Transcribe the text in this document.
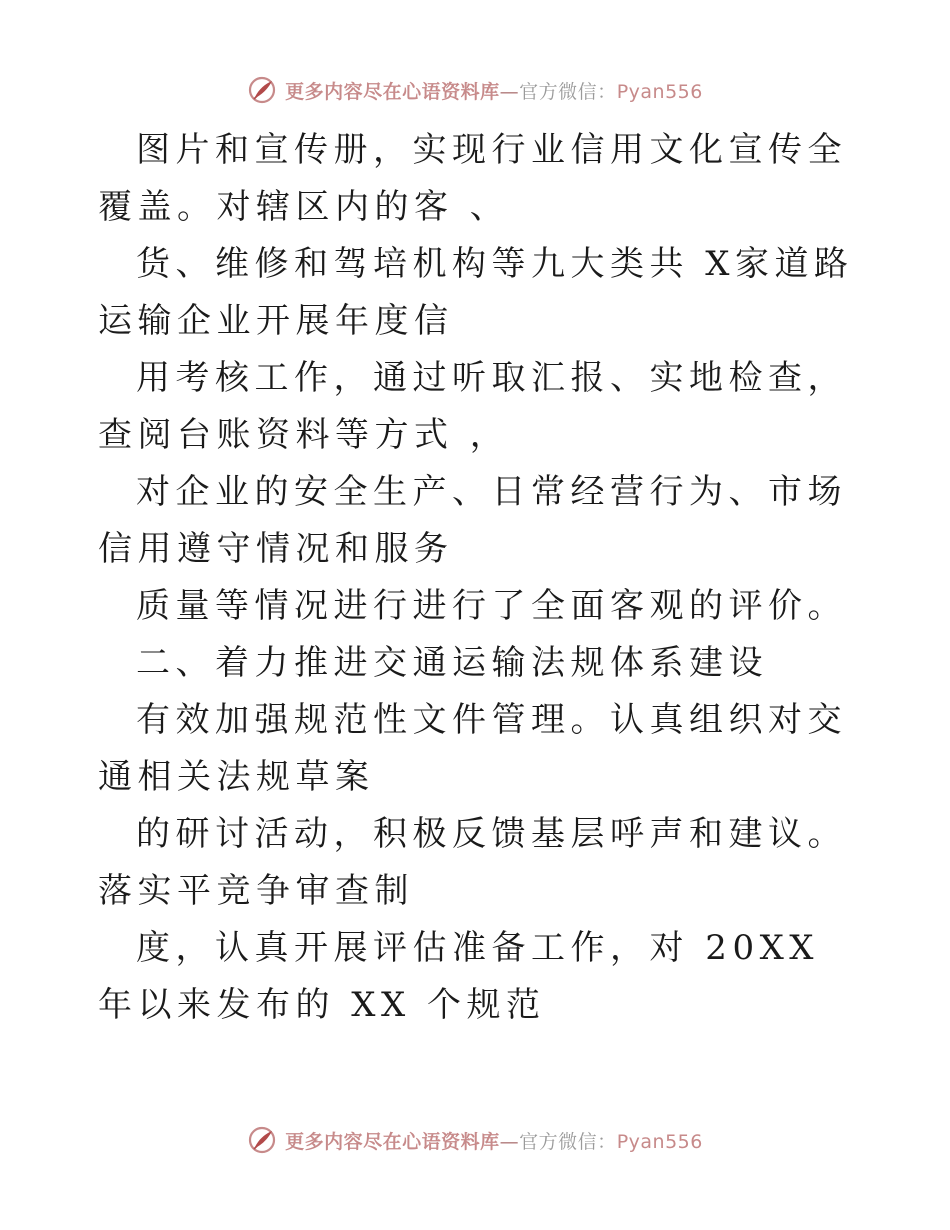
更多内容尽在心语资料库—官方微信：Pyan556

图片和宣传册，实现行业信用文化宣传全覆盖。对辖区内的客 、

货、维修和驾培机构等九大类共 X家道路运输企业开展年度信

用考核工作，通过听取汇报、实地检查，查阅台账资料等方式 ，

对企业的安全生产、日常经营行为、市场信用遵守情况和服务

质量等情况进行进行了全面客观的评价。

二、着力推进交通运输法规体系建设

有效加强规范性文件管理。认真组织对交通相关法规草案

的研讨活动，积极反馈基层呼声和建议。落实平竞争审查制

度，认真开展评估准备工作，对 20XX 年以来发布的 XX 个规范

更多内容尽在心语资料库—官方微信：Pyan556
